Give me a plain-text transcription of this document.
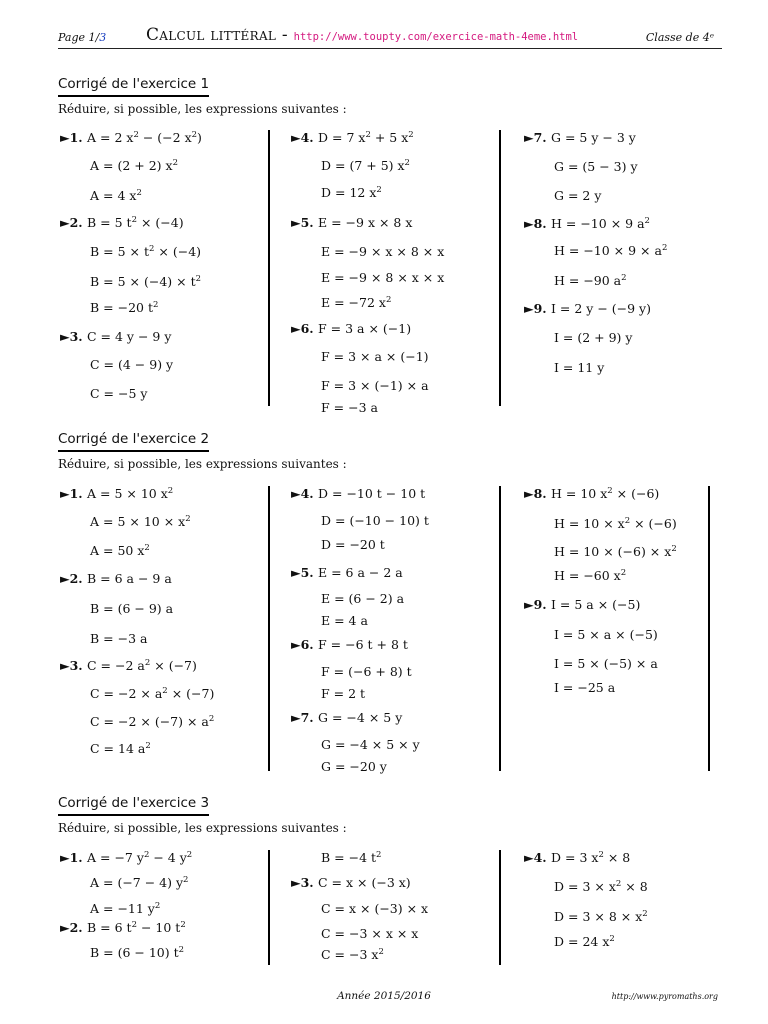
Page 1/3 Calcul littéral - http://www.toupty.com/exercice-math-4eme.html	Classe de 4ᵉ
Corrigé de l'exercice 1
Réduire, si possible, les expressions suivantes :
►1. A = 2 $x^2 - (-2$ $x^2$)
A = (2 + 2) $x^2$
A = 4 $x^2$
►2. B = 5 $t^2 \times (-4)$
$B = 5 \times t^2 \times (-4)$
$B = 5 \times (-4) \times t^2$
B = −20 $t^2$
►3. C = 4 y − 9 y
C = (4 − 9) y
C = −5 y
►4. D = 7 $x^2 + 5$ $x^2$
D = (7 + 5) $x^2$
D = 12 $x^2$
►5. E = −9 x × 8 x
E = −9 × x × 8 × x
E = −9 × 8 × x × x
E = −72 $x^2$
►6. F = 3 a × (−1)
F = 3 × a × (−1)
F = 3 × (−1) × a
F = −3 a
►7. G = 5 y − 3 y
G = (5 − 3) y
G = 2 y
►8. H = −10 × 9 $a^2$
$H = -10 \times 9 \times a^2$
H = −90 $a^2$
►9. I = 2 y − (−9 y)
I = (2 + 9) y
I = 11 y
Corrigé de l'exercice 2
Réduire, si possible, les expressions suivantes :
►1. A = 5 × 10 $x^2$
$A = 5 \times 10 \times x^2$
A = 50 $x^2$
►2. B = 6 a − 9 a
B = (6 − 9) a
B = −3 a
►3. C = −2 $a^2 \times (-7)$
$C = -2 \times a^2 \times (-7)$
$C = -2 \times (-7) \times a^2$
C = 14 $a^2$
►4. D = −10 t − 10 t
D = (−10 − 10) t
D = −20 t
►5. E = 6 a − 2 a
E = (6 − 2) a
E = 4 a
►6. F = −6 t + 8 t
F = (−6 + 8) t
F = 2 t
►7. G = −4 × 5 y
G = −4 × 5 × y
G = −20 y
►8. H = 10 $x^2 \times (-6)$
$H = 10 \times x^2 \times (-6)$
$H = 10 \times (-6) \times x^2$
H = −60 $x^2$
►9. I = 5 a × (−5)
I = 5 × a × (−5)
I = 5 × (−5) × a
I = −25 a
Corrigé de l'exercice 3
Réduire, si possible, les expressions suivantes :
►1. A = −7 $y^2 - 4$ $y^2$
A = (−7 − 4) $y^2$
A = −11 $y^2$
►2. B = 6 $t^2 - 10$ $t^2$
B = (6 − 10) $t^2$
B = −4 $t^2$
►3. C = x × (−3 x)
C = x × (−3) × x
C = −3 × x × x
C = −3 $x^2$
►4. D = 3 $x^2 \times 8$
$D = 3 \times x^2 \times 8$
$D = 3 \times 8 \times x^2$
D = 24 $x^2$
Année 2015/2016	http://www.pyromaths.org
